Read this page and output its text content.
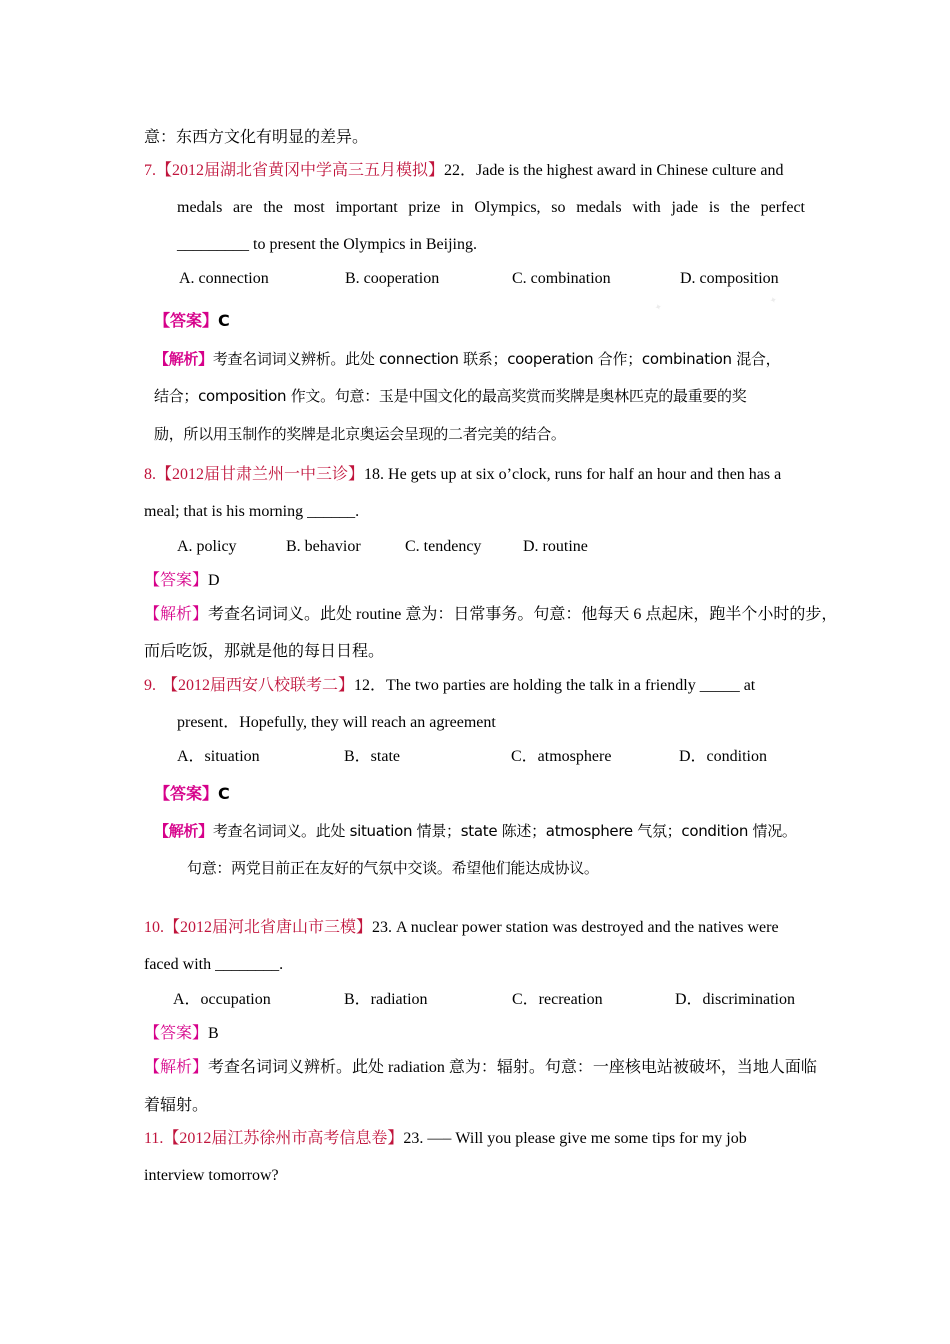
✦
✦
意：东西方文化有明显的差异。
7.【2012届湖北省黄冈中学高三五月模拟】22．Jade is the highest award in Chinese culture and
medals are the most important prize in Olympics, so medals with jade is the perfect
_________ to present the Olympics in Beijing.
A. connection	B. cooperation	C. combination	D. composition
【答案】C
【解析】考查名词词义辨析。此处 connection 联系；cooperation 合作；combination 混合，
结合；composition 作文。句意：玉是中国文化的最高奖赏而奖牌是奥林匹克的最重要的奖
励，所以用玉制作的奖牌是北京奥运会呈现的二者完美的结合。
8.【2012届甘肃兰州一中三诊】18. He gets up at six o’clock, runs for half an hour and then has a
meal; that is his morning ______.
A. policy	B. behavior	C. tendency	D. routine
【答案】D
【解析】考查名词词义。此处 routine 意为：日常事务。句意：他每天 6 点起床，跑半个小时的步，
而后吃饭，那就是他的每日日程。
9. 【2012届西安八校联考二】12．The two parties are holding the talk in a friendly _____ at
present．Hopefully, they will reach an agreement
A．situation	B．state	C．atmosphere	D．condition
【答案】C
【解析】考查名词词义。此处 situation 情景；state 陈述；atmosphere 气氛；condition 情况。
句意：两党目前正在友好的气氛中交谈。希望他们能达成协议。
10.【2012届河北省唐山市三模】23. A nuclear power station was destroyed and the natives were
faced with ________.
A．occupation	B．radiation	C．recreation	D．discrimination
【答案】B
【解析】考查名词词义辨析。此处 radiation 意为：辐射。句意：一座核电站被破坏，当地人面临
着辐射。
11.【2012届江苏徐州市高考信息卷】23. —– Will you please give me some tips for my job
interview tomorrow?
